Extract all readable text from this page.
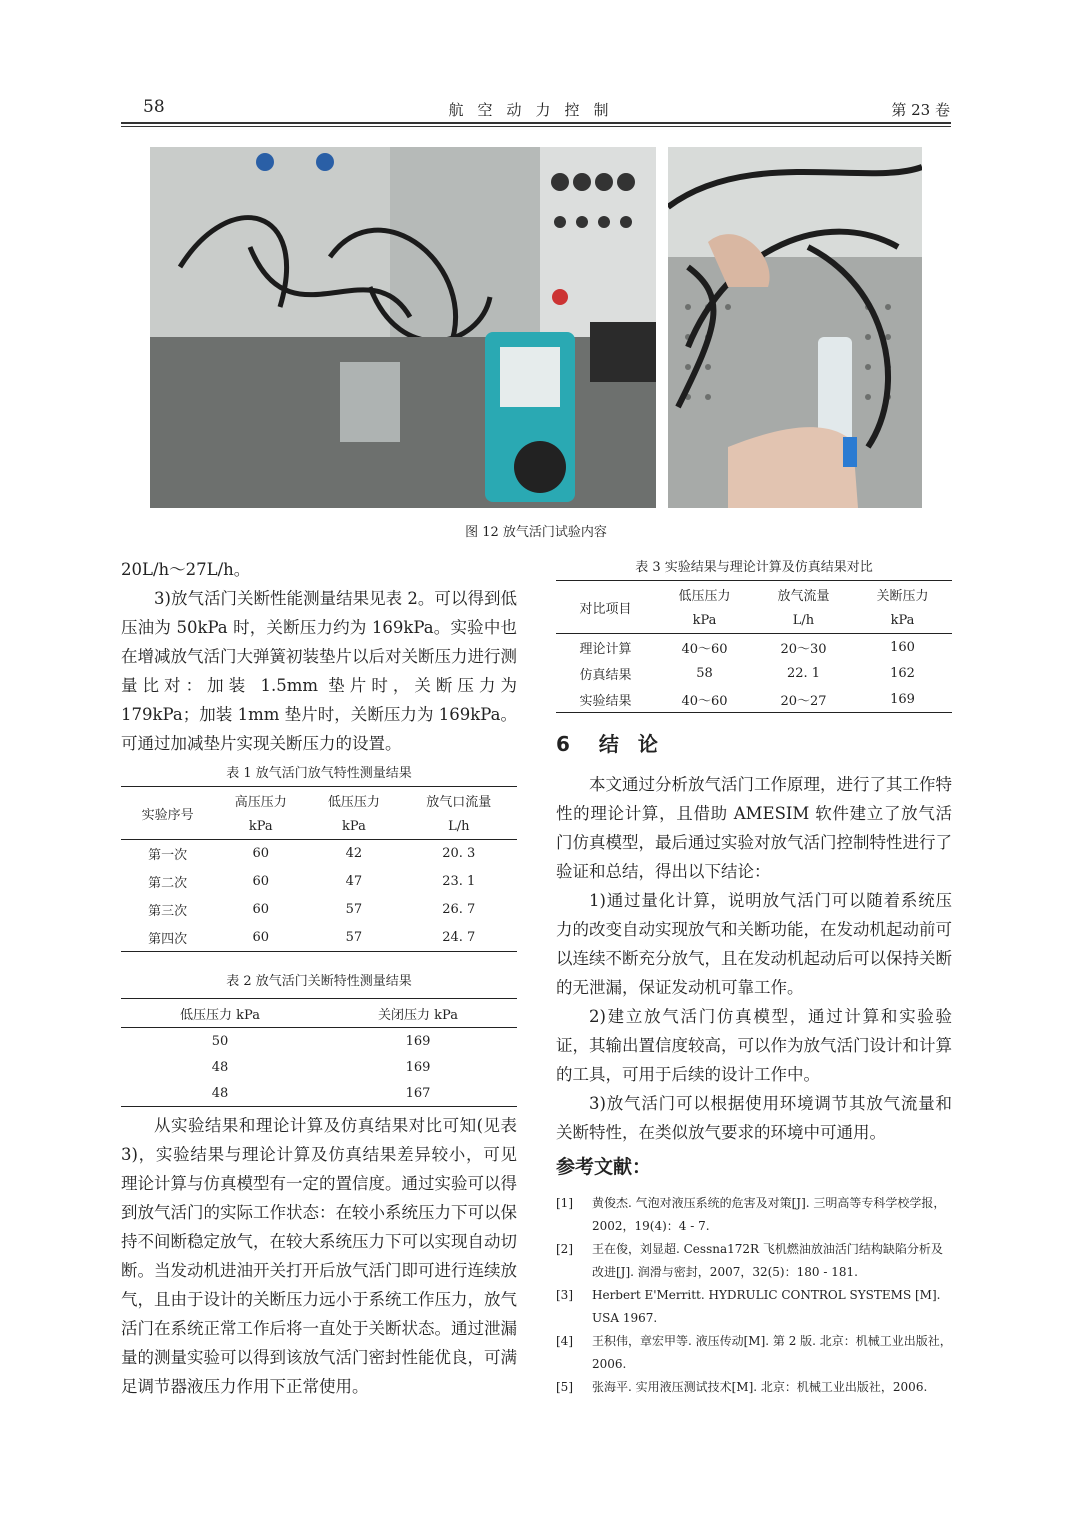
58	航空动力控制	第 23 卷
图 12 放气活门试验内容

20L/h～27L/h。

3)放气活门关断性能测量结果见表 2。可以得到低压油为 50kPa 时，关断压力约为 169kPa。实验中也在增减放气活门大弹簧初装垫片以后对关断压力进行测量比对：加装 1.5mm 垫片时，关断压力为 179kPa；加装 1mm 垫片时，关断压力为 169kPa。可通过加减垫片实现关断压力的设置。

表 1 放气活门放气特性测量结果
实验序号	高压压力	低压压力	放气口流量
	kPa	kPa	L/h
第一次	60	42	20. 3
第二次	60	47	23. 1
第三次	60	57	26. 7
第四次	60	57	24. 7
表 2 放气活门关断特性测量结果
低压压力 kPa	关闭压力 kPa
50	169
48	169
48	167

从实验结果和理论计算及仿真结果对比可知(见表 3)，实验结果与理论计算及仿真结果差异较小，可见理论计算与仿真模型有一定的置信度。通过实验可以得到放气活门的实际工作状态：在较小系统压力下可以保持不间断稳定放气，在较大系统压力下可以实现自动切断。当发动机进油开关打开后放气活门即可进行连续放气，且由于设计的关断压力远小于系统工作压力，放气活门在系统正常工作后将一直处于关断状态。通过泄漏量的测量实验可以得到该放气活门密封性能优良，可满足调节器液压力作用下正常使用。

表 3 实验结果与理论计算及仿真结果对比
对比项目	低压压力	放气流量	关断压力
	kPa	L/h	kPa
理论计算	40～60	20～30	160
仿真结果	58	22. 1	162
实验结果	40～60	20～27	169
6 结 论

本文通过分析放气活门工作原理，进行了其工作特性的理论计算，且借助 AMESIM 软件建立了放气活门仿真模型，最后通过实验对放气活门控制特性进行了验证和总结，得出以下结论：

1)通过量化计算，说明放气活门可以随着系统压力的改变自动实现放气和关断功能，在发动机起动前可以连续不断充分放气，且在发动机起动后可以保持关断的无泄漏，保证发动机可靠工作。

2)建立放气活门仿真模型，通过计算和实验验证，其输出置信度较高，可以作为放气活门设计和计算的工具，可用于后续的设计工作中。

3)放气活门可以根据使用环境调节其放气流量和关断特性，在类似放气要求的环境中可通用。

参考文献：
[1] 黄俊杰. 气泡对液压系统的危害及对策[J]. 三明高等专科学校学报，2002，19(4)：4 - 7.
[2] 王在俊，刘显超. Cessna172R 飞机燃油放油活门结构缺陷分析及改进[J]. 润滑与密封，2007，32(5)：180 - 181.
[3] Herbert E'Merritt. HYDRULIC CONTROL SYSTEMS [M]. USA 1967.
[4] 王积伟，章宏甲等. 液压传动[M]. 第 2 版. 北京：机械工业出版社，2006.
[5] 张海平. 实用液压测试技术[M]. 北京：机械工业出版社，2006.
